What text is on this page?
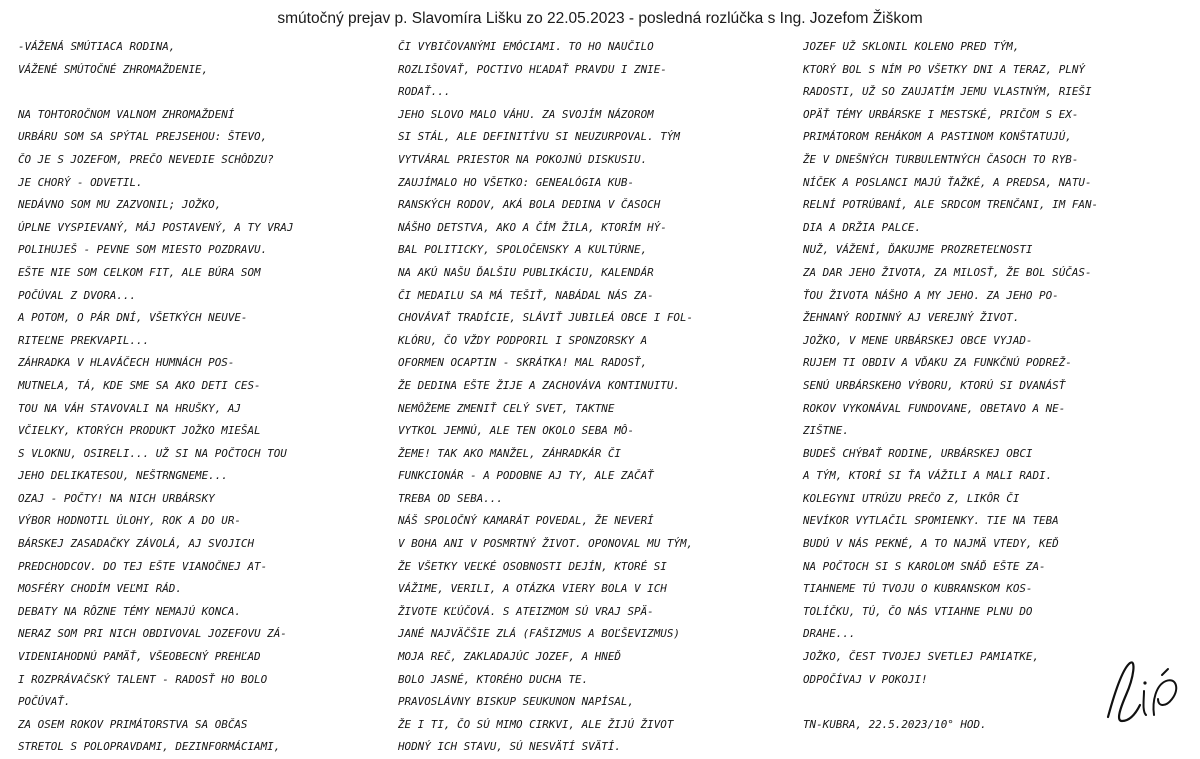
smútočný prejav p. Slavomíra Lišku zo 22.05.2023 - posledná rozlúčka s Ing. Jozefom Žiškom
-VÁŽENÁ SMÚTIACA RODINA,
VÁŽENÉ SMÚTOČNÉ ZHROMAŽDENIE,
NA TOHTOROČNOM VALNOM ZHROMAŽDENÍ
URBÁRU SOM SA SPÝTAL PREJSEHOU: ŠTEVO,
ČO JE S JOZEFOM, PREČO NEVEDIE SCHÔDZU?
JE CHORÝ - ODVETIL.
NEDÁVNO SOM MU ZAZVONIL; JOŽKO,
ÚPLNE VYSPIEVANÝ, MÁJ POSTAVENÝ, A TY VRAJ
POLIHUJEŠ - PEVNE SOM MIESTO POZDRAVU.
EŠTE NIE SOM CELKOM FIT, ALE BÚRA SOM
POČÚVAL Z DVORA...
A POTOM, O PÁR DNÍ, VŠETKÝCH NEUVE-
RITEĽNE PREKVAPIL...
ZÁHRADKA V HLAVÁČECH HUMNÁCH POS-
MUTNELA, TÁ, KDE SME SA AKO DETI CES-
TOU NA VÁH STAVOVALI NA HRUŠKY, AJ
VČIELKY, KTORÝCH PRODUKT JOŽKO MIEŠAL
S VLOKNU, OSIRELI... UŽ SI NA POČTOCH TOU
JEHO DELIKATESOU, NEŠTRNGNEME...
OZAJ - POČTY! NA NICH URBÁRSKY
VÝBOR HODNOTIL ÚLOHY, ROK A DO UR-
BÁRSKEJ ZASADAČKY ZÁVOLÁ, AJ SVOJICH
PREDCHODCOV. DO TEJ EŠTE VIANOČNEJ AT-
MOSFÉRY CHODÍM VEĽMI RÁD.
DEBATY NA RÔZNE TÉMY NEMAJÚ KONCA.
NERAZ SOM PRI NICH OBDIVOVAL JOZEFOVU ZÁ-
VIDENIAHODNÚ PAMÄŤ, VŠEOBECNÝ PREHĽAD
I ROZPRÁVAČSKÝ TALENT - RADOSŤ HO BOLO
POČÚVAŤ.
ZA OSEM ROKOV PRIMÁTORSTVA SA OBČAS
STRETOL S POLOPRAVDAMI, DEZINFORMÁCIAMI,
ČI VYBIČOVANÝMI EMÓCIAMI. TO HO NAUČILO
ROZLIŠOVAŤ, POCTIVO HĽADAŤ PRAVDU I ZNIE-
RODAŤ...
JEHO SLOVO MALO VÁHU. ZA SVOJÍM NÁZOROM
SI STÁL, ALE DEFINITÍVU SI NEUZURPOVAL. TÝM
VYTVÁRAL PRIESTOR NA POKOJNÚ DISKUSIU.
ZAUJÍMALO HO VŠETKO: GENEALÓGIA KUB-
RANSKÝCH RODOV, AKÁ BOLA DEDINA V ČASOCH
NÁŠHO DETSTVA, AKO A ČÍM ŽILA, KTORÍM HÝ-
BAL POLITICKY, SPOLOČENSKY A KULTÚRNE,
NA AKÚ NAŠU ĎALŠIU PUBLIKÁCIU, KALENDÁR
ČI MEDAILU SA MÁ TEŠIŤ, NABÁDAL NÁS ZA-
CHOVÁVAŤ TRADÍCIE, SLÁVIŤ JUBILEÁ OBCE I FOL-
KLÓRU, ČO VŽDY PODPORIL I SPONZORSKY A
OFORMEN OCAPTIN - SKRÁTKA! MAL RADOSŤ,
ŽE DEDINA EŠTE ŽIJE A ZACHOVÁVA KONTINUITU.
NEMÔŽEME ZMENIŤ CELÝ SVET, TAKTNE
VYTKOL JEMNÚ, ALE TEN OKOLO SEBA MÔ-
ŽEME! TAK AKO MANŽEL, ZÁHRADKÁR ČI
FUNKCIONÁR - A PODOBNE AJ TY, ALE ZAČAŤ
TREBA OD SEBA...
NÁŠ SPOLOČNÝ KAMARÁT POVEDAL, ŽE NEVERÍ
V BOHA ANI V POSMRTNÝ ŽIVOT. OPONOVAL MU TÝM,
ŽE VŠETKY VEĽKÉ OSOBNOSTI DEJÍN, KTORÉ SI
VÁŽIME, VERILI, A OTÁZKA VIERY BOLA V ICH
ŽIVOTE KĽÚČOVÁ. S ATEIZMOM SÚ VRAJ SPÄ-
JANÉ NAJVÄČŠIE ZLÁ (FAŠIZMUS A BOĽŠEVIZMUS)
MOJA REČ, ZAKLADAJÚC JOZEF, A HNEĎ
BOLO JASNÉ, KTORÉHO DUCHA TE.
PRAVOSLÁVNY BISKUP SEUKUNON NAPÍSAL,
ŽE I TI, ČO SÚ MIMO CIRKVI, ALE ŽIJÚ ŽIVOT
HODNÝ ICH STAVU, SÚ NESVÄTÍ SVÄTÍ.
JOZEF UŽ SKLONIL KOLENO PRED TÝM,
KTORÝ BOL S NÍM PO VŠETKY DNI A TERAZ, PLNÝ
RADOSTI, UŽ SO ZAUJATÍM JEMU VLASTNÝM, RIEŠI
OPÄŤ TÉMY URBÁRSKE I MESTSKÉ, PRIČOM S EX-
PRIMÁTOROM REHÁKOM A PASTINOM KONŠTATUJÚ,
ŽE V DNEŠNÝCH TURBULENTNÝCH ČASOCH TO RYB-
NÍČEK A POSLANCI MAJÚ ŤAŽKÉ, A PREDSA, NATU-
RELNÍ POTRÚBANÍ, ALE SRDCOM TRENČANI, IM FAN-
DIA A DRŽIA PALCE.
NUŽ, VÁŽENÍ, ĎAKUJME PROZRETEĽNOSTI
ZA DAR JEHO ŽIVOTA, ZA MILOSŤ, ŽE BOL SÚČAS-
ŤOU ŽIVOTA NÁŠHO A MY JEHO. ZA JEHO PO-
ŽEHNANÝ RODINNÝ AJ VEREJNÝ ŽIVOT.
JOŽKO, V MENE URBÁRSKEJ OBCE VYJAD-
RUJEM TI OBDIV A VĎAKU ZA FUNKČNÚ PODREŽ-
SENÚ URBÁRSKEHO VÝBORU, KTORÚ SI DVANÁSŤ
ROKOV VYKONÁVAL FUNDOVANE, OBETAVO A NE-
ZIŠTNE.
BUDEŠ CHÝBAŤ RODINE, URBÁRSKEJ OBCI
A TÝM, KTORÍ SI ŤA VÁŽILI A MALI RADI.
KOLEGYNI UTRÚZU PREČO Z, LIKÔR ČI
NEVÍKOR VYTLAČIL SPOMIENKY. TIE NA TEBA
BUDÚ V NÁS PEKNÉ, A TO NAJMÄ VTEDY, KEĎ
NA POČTOCH SI S KAROLOM SNÁĎ EŠTE ZA-
TIAHNEME TÚ TVOJU O KUBRANSKOM KOS-
TOLÍČKU, TÚ, ČO NÁS VTIAHNE PLNU DO
DRAHE...
JOŽKO, ČEST TVOJEJ SVETLEJ PAMIATKE,
ODPOČÍVAJ V POKOJI!
TN-KUBRA, 22.5.2023/10° HOD.
